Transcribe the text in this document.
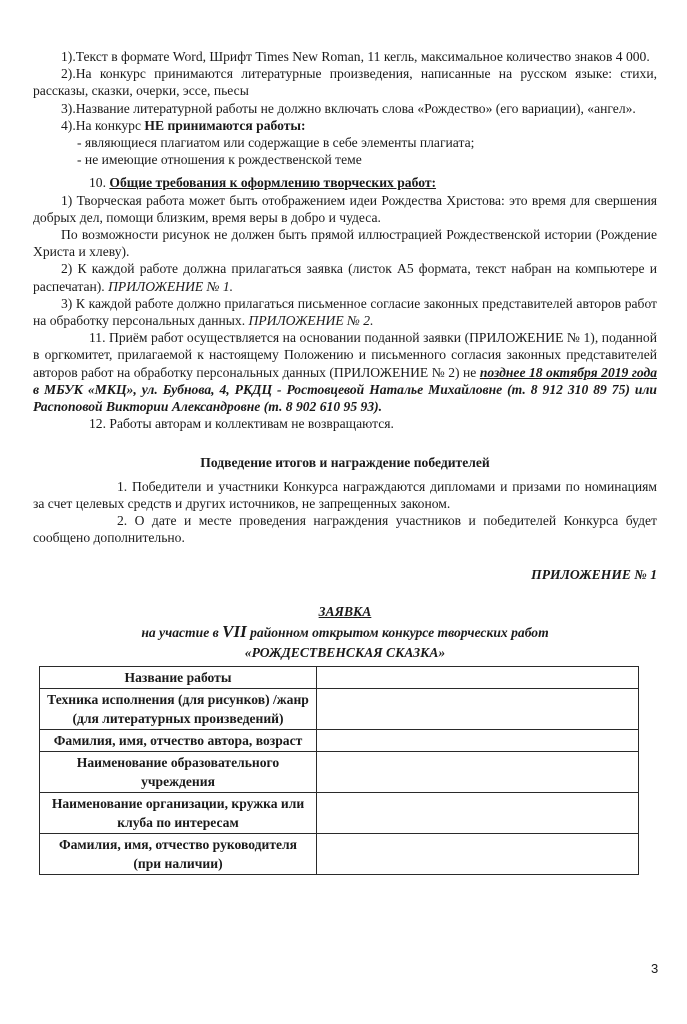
1).Текст в формате Word, Шрифт Times New Roman, 11 кегль, максимальное количество знаков 4 000.

2).На конкурс принимаются литературные произведения, написанные на русском языке: стихи, рассказы, сказки, очерки, эссе, пьесы

3).Название литературной работы не должно включать слова «Рождество» (его вариации), «ангел».

4).На конкурс НЕ принимаются работы:

- являющиеся плагиатом или содержащие в себе элементы плагиата;

- не имеющие отношения к рождественской теме

10. Общие требования к оформлению творческих работ:

1) Творческая работа может быть отображением идеи Рождества Христова: это время для свершения добрых дел, помощи близким, время веры в добро и чудеса.

По возможности рисунок не должен быть прямой иллюстрацией Рождественской истории (Рождение Христа и хлеву).

2) К каждой работе должна прилагаться заявка (листок А5 формата, текст набран на компьютере и распечатан). ПРИЛОЖЕНИЕ № 1.

3) К каждой работе должно прилагаться письменное согласие законных представителей авторов работ на обработку персональных данных. ПРИЛОЖЕНИЕ № 2.

11. Приём работ осуществляется на основании поданной заявки (ПРИЛОЖЕНИЕ № 1), поданной в оргкомитет, прилагаемой к настоящему Положению и письменного согласия законных представителей авторов работ на обработку персональных данных (ПРИЛОЖЕНИЕ № 2) не позднее 18 октября 2019 года в МБУК «МКЦ», ул. Бубнова, 4, РКДЦ - Ростовцевой Наталье Михайловне (т. 8 912 310 89 75) или Распоповой Виктории Александровне (т. 8 902 610 95 93).

12. Работы авторам и коллективам не возвращаются.

Подведение итогов и награждение победителей

1. Победители и участники Конкурса награждаются дипломами и призами по номинациям за счет целевых средств и других источников, не запрещенных законом.

2. О дате и месте проведения награждения участников и победителей Конкурса будет сообщено дополнительно.

ПРИЛОЖЕНИЕ № 1

ЗАЯВКА

на участие в VII районном открытом конкурсе творческих работ

«РОЖДЕСТВЕНСКАЯ СКАЗКА»

Название работы	
Техника исполнения (для рисунков) /жанр (для литературных произведений)	
Фамилия, имя, отчество автора, возраст	
Наименование образовательного учреждения	
Наименование организации, кружка или клуба по интересам	
Фамилия, имя, отчество руководителя (при наличии)	
3
